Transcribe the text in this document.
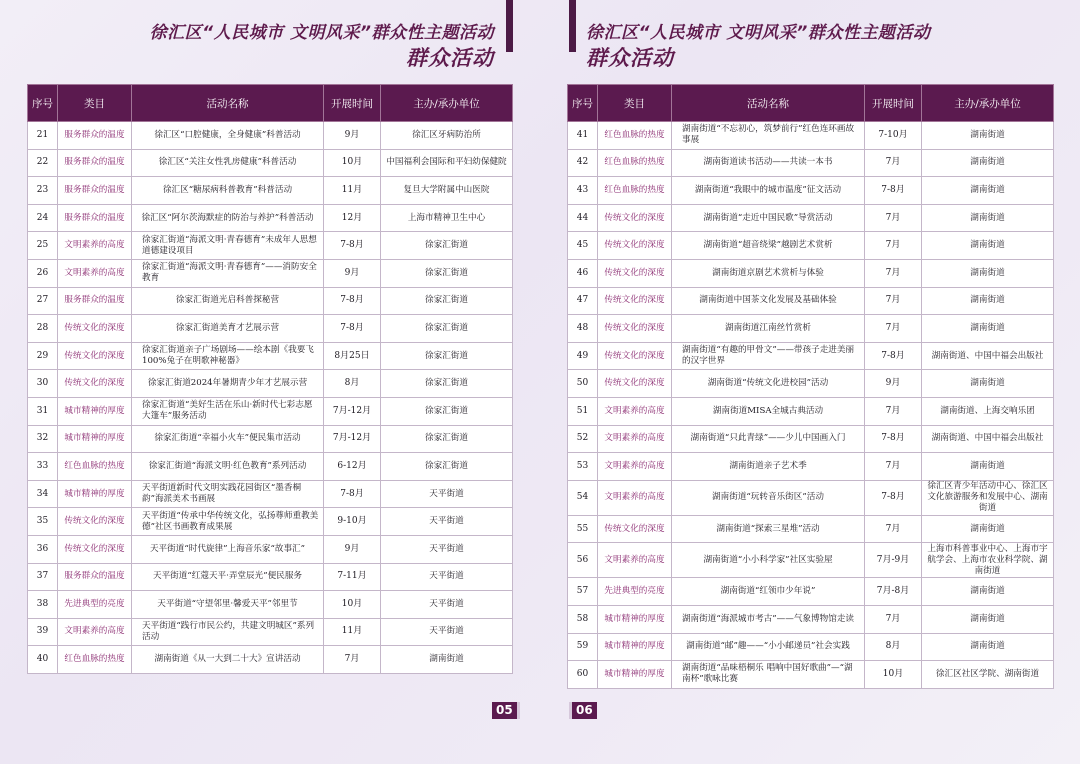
徐汇区“人民城市 文明风采”群众性主题活动
群众活动
序号	类目	活动名称	开展时间	主办/承办单位
21	服务群众的温度	徐汇区“口腔健康，全身健康”科普活动	9月	徐汇区牙病防治所
22	服务群众的温度	徐汇区“关注女性乳房健康”科普活动	10月	中国福利会国际和平妇幼保健院
23	服务群众的温度	徐汇区“糖尿病科普教育”科普活动	11月	复旦大学附属中山医院
24	服务群众的温度	徐汇区“阿尔茨海默症的防治与养护”科普活动	12月	上海市精神卫生中心
25	文明素养的高度	徐家汇街道“海派文明·青春德育”未成年人思想道德建设项目	7-8月	徐家汇街道
26	文明素养的高度	徐家汇街道“海派文明·青春德育”——消防安全教育	9月	徐家汇街道
27	服务群众的温度	徐家汇街道光启科普探秘营	7-8月	徐家汇街道
28	传统文化的深度	徐家汇街道美育才艺展示营	7-8月	徐家汇街道
29	传统文化的深度	徐家汇街道亲子广场剧场——绘本剧《我要飞100%兔子在明歌神秘器》	8月25日	徐家汇街道
30	传统文化的深度	徐家汇街道2024年暑期青少年才艺展示营	8月	徐家汇街道
31	城市精神的厚度	徐家汇街道“美好生活在乐山·新时代七彩志愿大篷车”服务活动	7月-12月	徐家汇街道
32	城市精神的厚度	徐家汇街道“幸福小火车”便民集市活动	7月-12月	徐家汇街道
33	红色血脉的热度	徐家汇街道“海派文明·红色教育”系列活动	6-12月	徐家汇街道
34	城市精神的厚度	天平街道新时代文明实践花园街区“墨香桐韵”海派美术书画展	7-8月	天平街道
35	传统文化的深度	天平街道“传承中华传统文化，弘扬尊师重教美德”社区书画教育成果展	9-10月	天平街道
36	传统文化的深度	天平街道“时代旋律”上海音乐家“故事汇”	9月	天平街道
37	服务群众的温度	天平街道“红蔻天平·弄堂辰光”便民服务	7-11月	天平街道
38	先进典型的亮度	天平街道“守望邻里·馨爱天平”邻里节	10月	天平街道
39	文明素养的高度	天平街道“践行市民公约，共建文明城区”系列活动	11月	天平街道
40	红色血脉的热度	湖南街道《从一大到二十大》宣讲活动	7月	湖南街道
05
徐汇区“人民城市 文明风采”群众性主题活动
群众活动
序号	类目	活动名称	开展时间	主办/承办单位
41	红色血脉的热度	湖南街道“不忘初心，筑梦前行”红色连环画故事展	7-10月	湖南街道
42	红色血脉的热度	湖南街道读书活动——共读一本书	7月	湖南街道
43	红色血脉的热度	湖南街道“我眼中的城市温度”征文活动	7-8月	湖南街道
44	传统文化的深度	湖南街道“走近中国民歌”导赏活动	7月	湖南街道
45	传统文化的深度	湖南街道“超音绕梁”越剧艺术赏析	7月	湖南街道
46	传统文化的深度	湖南街道京剧艺术赏析与体验	7月	湖南街道
47	传统文化的深度	湖南街道中国茶文化发展及基础体验	7月	湖南街道
48	传统文化的深度	湖南街道江南丝竹赏析	7月	湖南街道
49	传统文化的深度	湖南街道“有趣的甲骨文”——带孩子走进美丽的汉字世界	7-8月	湖南街道、中国中福会出版社
50	传统文化的深度	湖南街道“传统文化进校园”活动	9月	湖南街道
51	文明素养的高度	湖南街道MISA全城古典活动	7月	湖南街道、上海交响乐团
52	文明素养的高度	湖南街道“只此青绿”——少儿中国画入门	7-8月	湖南街道、中国中福会出版社
53	文明素养的高度	湖南街道亲子艺术季	7月	湖南街道
54	文明素养的高度	湖南街道“玩转音乐街区”活动	7-8月	徐汇区青少年活动中心、徐汇区文化旅游服务和发展中心、湖南街道
55	传统文化的深度	湖南街道“探索三星堆”活动	7月	湖南街道
56	文明素养的高度	湖南街道“小小科学家”社区实验屋	7月-9月	上海市科普事业中心、上海市宇航学会、上海市农业科学院、湖南街道
57	先进典型的亮度	湖南街道“红领巾少年说”	7月-8月	湖南街道
58	城市精神的厚度	湖南街道“海派城市考古”——气象博物馆走读	7月	湖南街道
59	城市精神的厚度	湖南街道“邮”趣——“小小邮递员”社会实践	8月	湖南街道
60	城市精神的厚度	湖南街道“品味梧桐乐 唱响中国好歌曲”—“湖南杯”歌咏比赛	10月	徐汇区社区学院、湖南街道
06
